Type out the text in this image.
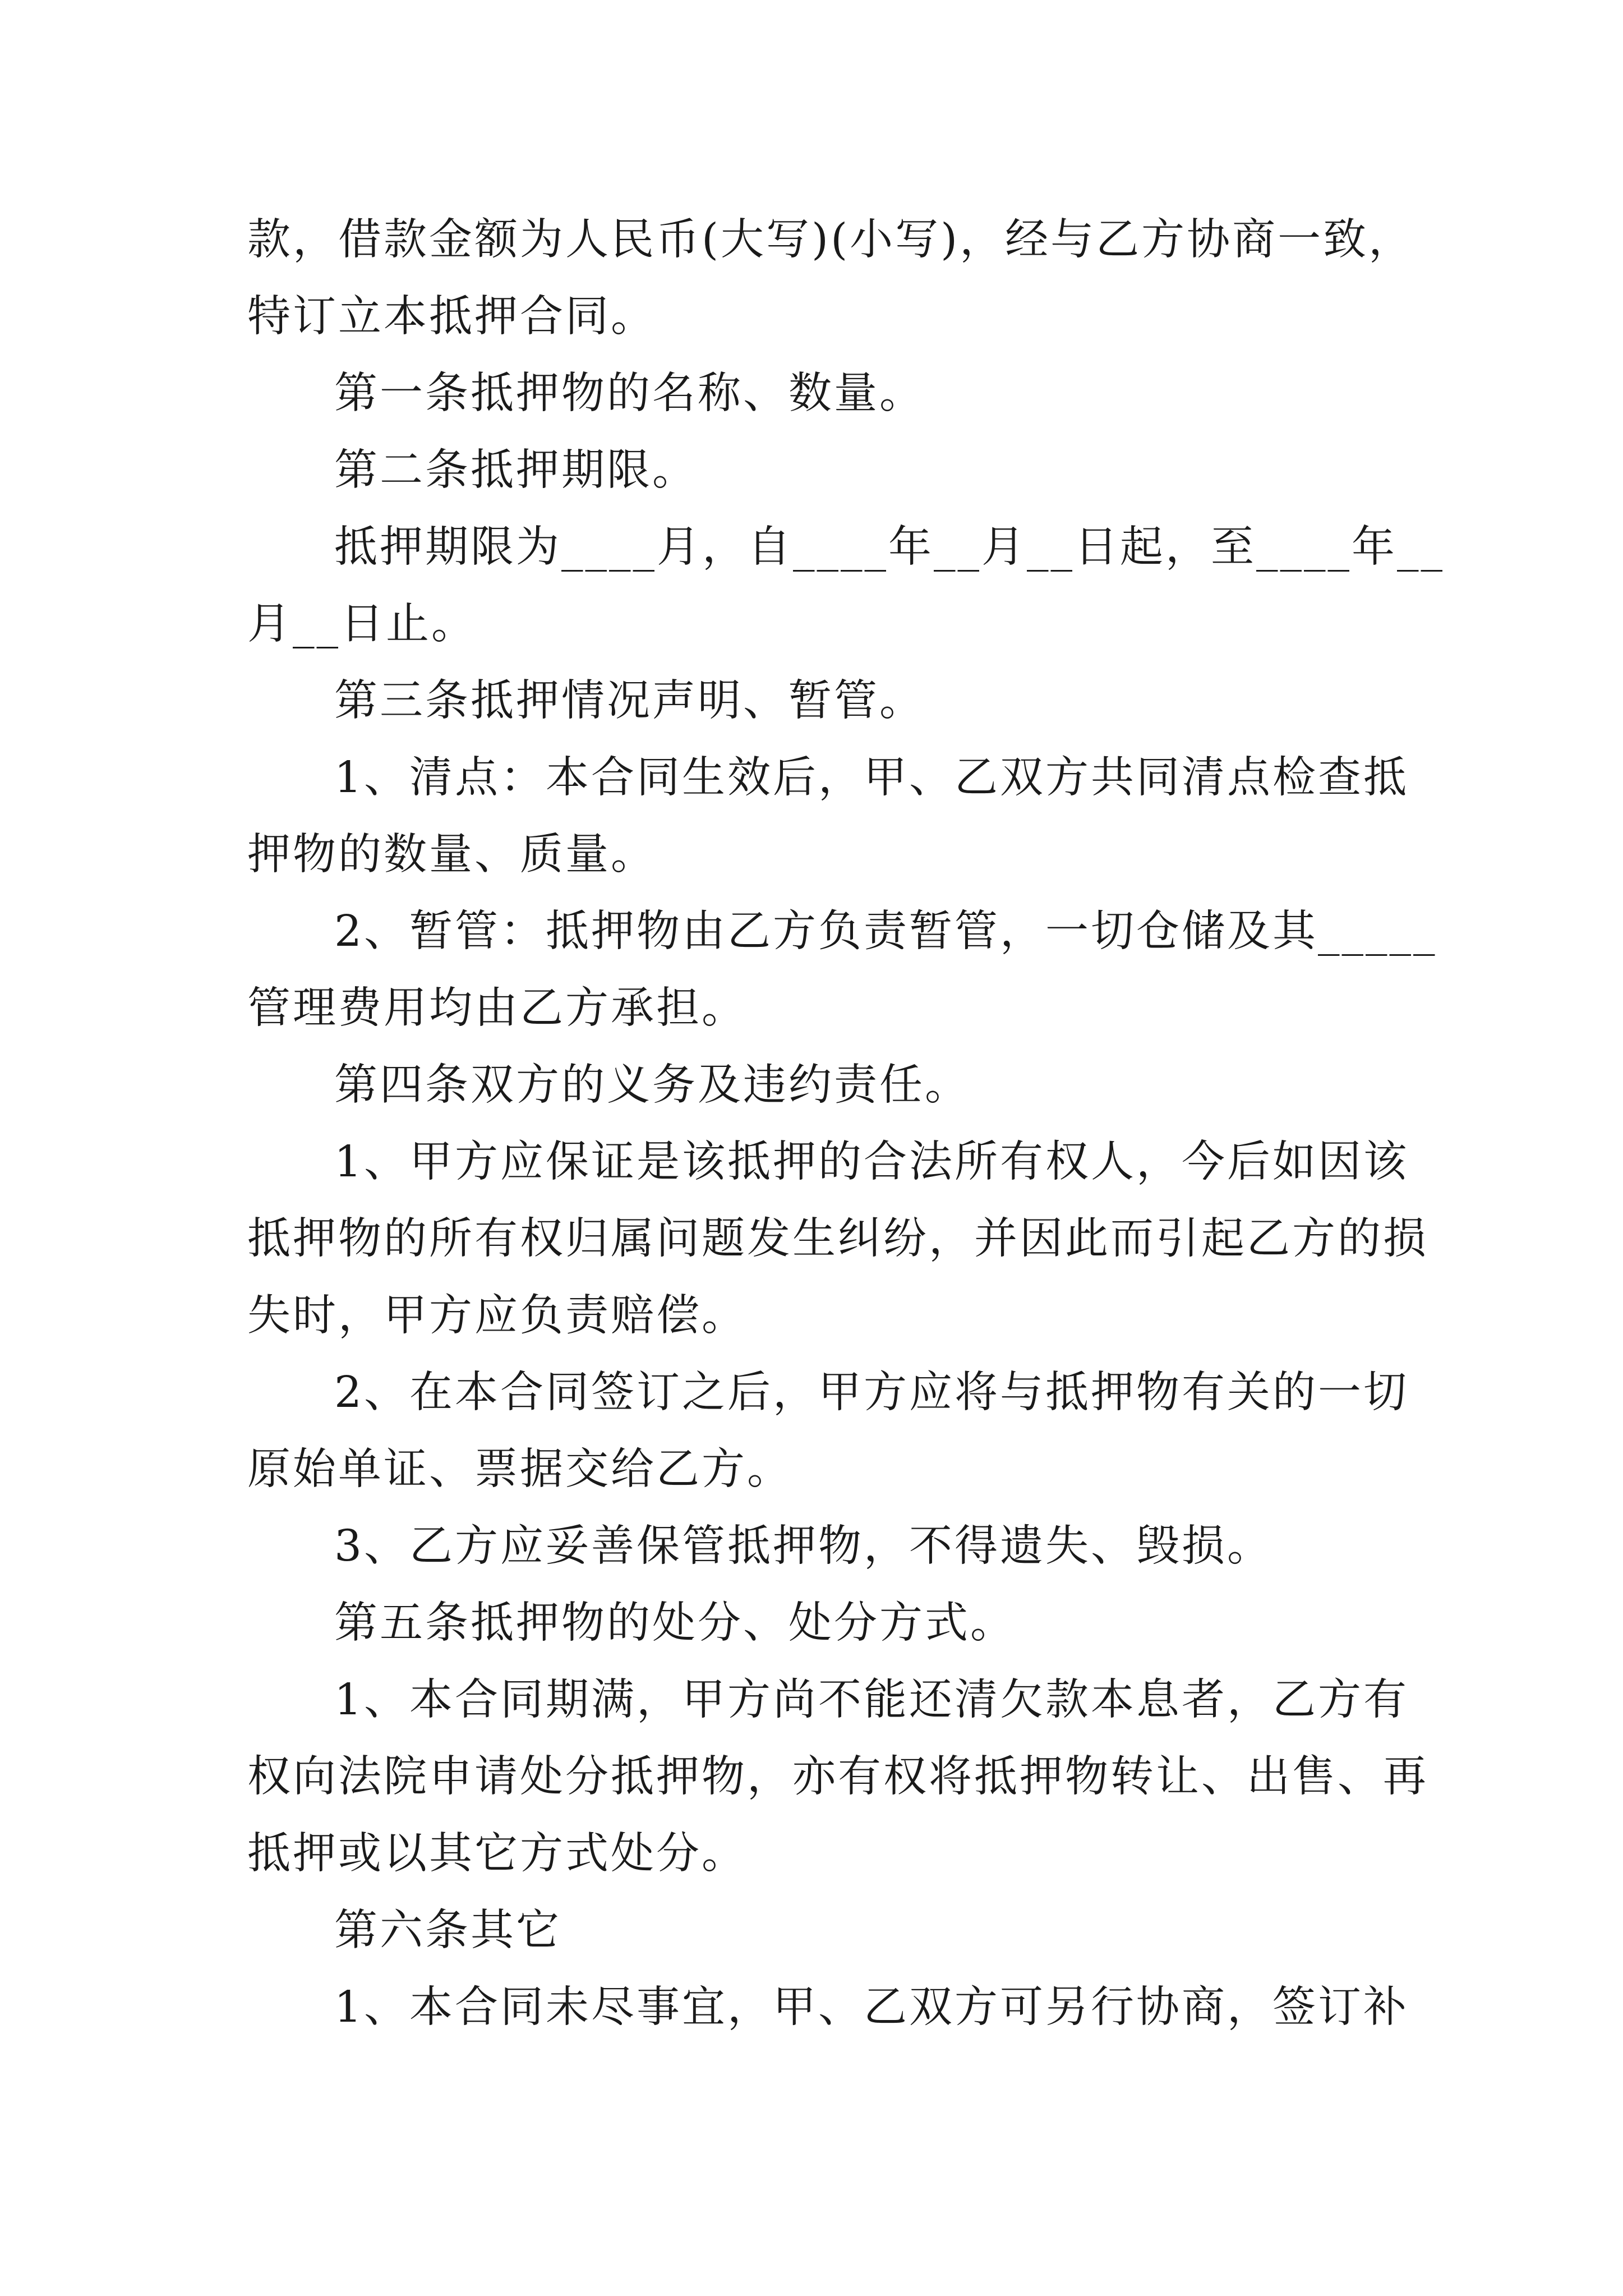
款，借款金额为人民币(大写)(小写)，经与乙方协商一致，
特订立本抵押合同。
第一条抵押物的名称、数量。
第二条抵押期限。
抵押期限为____月，自____年__月__日起，至____年__
月__日止。
第三条抵押情况声明、暂管。
1、清点：本合同生效后，甲、乙双方共同清点检查抵
押物的数量、质量。
2、暂管：抵押物由乙方负责暂管，一切仓储及其_____
管理费用均由乙方承担。
第四条双方的义务及违约责任。
1、甲方应保证是该抵押的合法所有权人，今后如因该
抵押物的所有权归属问题发生纠纷，并因此而引起乙方的损
失时，甲方应负责赔偿。
2、在本合同签订之后，甲方应将与抵押物有关的一切
原始单证、票据交给乙方。
3、乙方应妥善保管抵押物，不得遗失、毁损。
第五条抵押物的处分、处分方式。
1、本合同期满，甲方尚不能还清欠款本息者，乙方有
权向法院申请处分抵押物，亦有权将抵押物转让、出售、再
抵押或以其它方式处分。
第六条其它
1、本合同未尽事宜，甲、乙双方可另行协商，签订补
